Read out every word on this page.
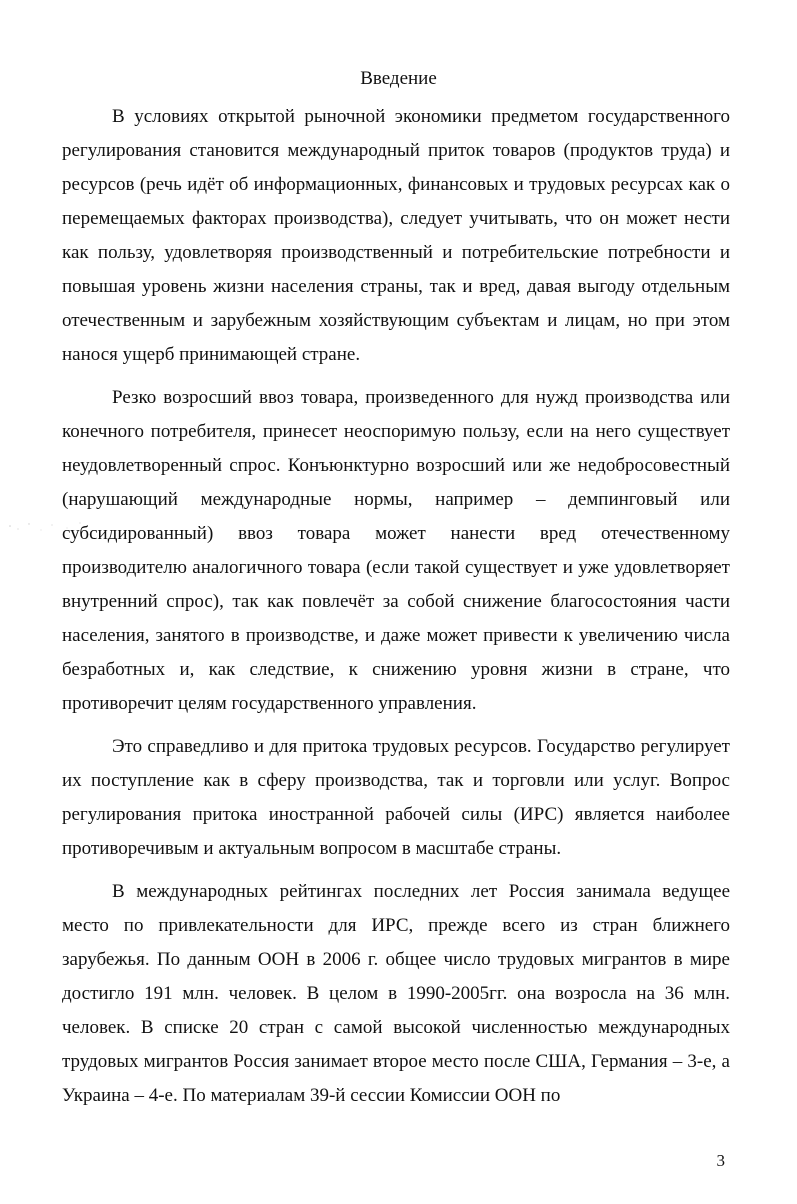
Введение

В условиях открытой рыночной экономики предметом государственного регулирования становится международный приток товаров (продуктов труда) и ресурсов (речь идёт об информационных, финансовых и трудовых ресурсах как о перемещаемых факторах производства), следует учитывать, что он может нести как пользу, удовлетворяя производственный и потребительские потребности и повышая уровень жизни населения страны, так и вред, давая выгоду отдельным отечественным и зарубежным хозяйствующим субъектам и лицам, но при этом нанося ущерб принимающей стране.

Резко возросший ввоз товара, произведенного для нужд производства или конечного потребителя, принесет неоспоримую пользу, если на него существует неудовлетворенный спрос. Конъюнктурно возросший или же недобросовестный (нарушающий международные нормы, например – демпинговый или субсидированный) ввоз товара может нанести вред отечественному производителю аналогичного товара (если такой существует и уже удовлетворяет внутренний спрос), так как повлечёт за собой снижение благосостояния части населения, занятого в производстве, и даже может привести к увеличению числа безработных и, как следствие, к снижению уровня жизни в стране, что противоречит целям государственного управления.

Это справедливо и для притока трудовых ресурсов. Государство регулирует их поступление как в сферу производства, так и торговли или услуг. Вопрос регулирования притока иностранной рабочей силы (ИРС) является наиболее противоречивым и актуальным вопросом в масштабе страны.

В международных рейтингах последних лет Россия занимала ведущее место по привлекательности для ИРС, прежде всего из стран ближнего зарубежья. По данным ООН в 2006 г. общее число трудовых мигрантов в мире достигло 191 млн. человек. В целом в 1990-2005гг. она возросла на 36 млн. человек. В списке 20 стран с самой высокой численностью международных трудовых мигрантов Россия занимает второе место после США, Германия – 3-е, а Украина – 4-е. По материалам 39-й сессии Комиссии ООН по

3
